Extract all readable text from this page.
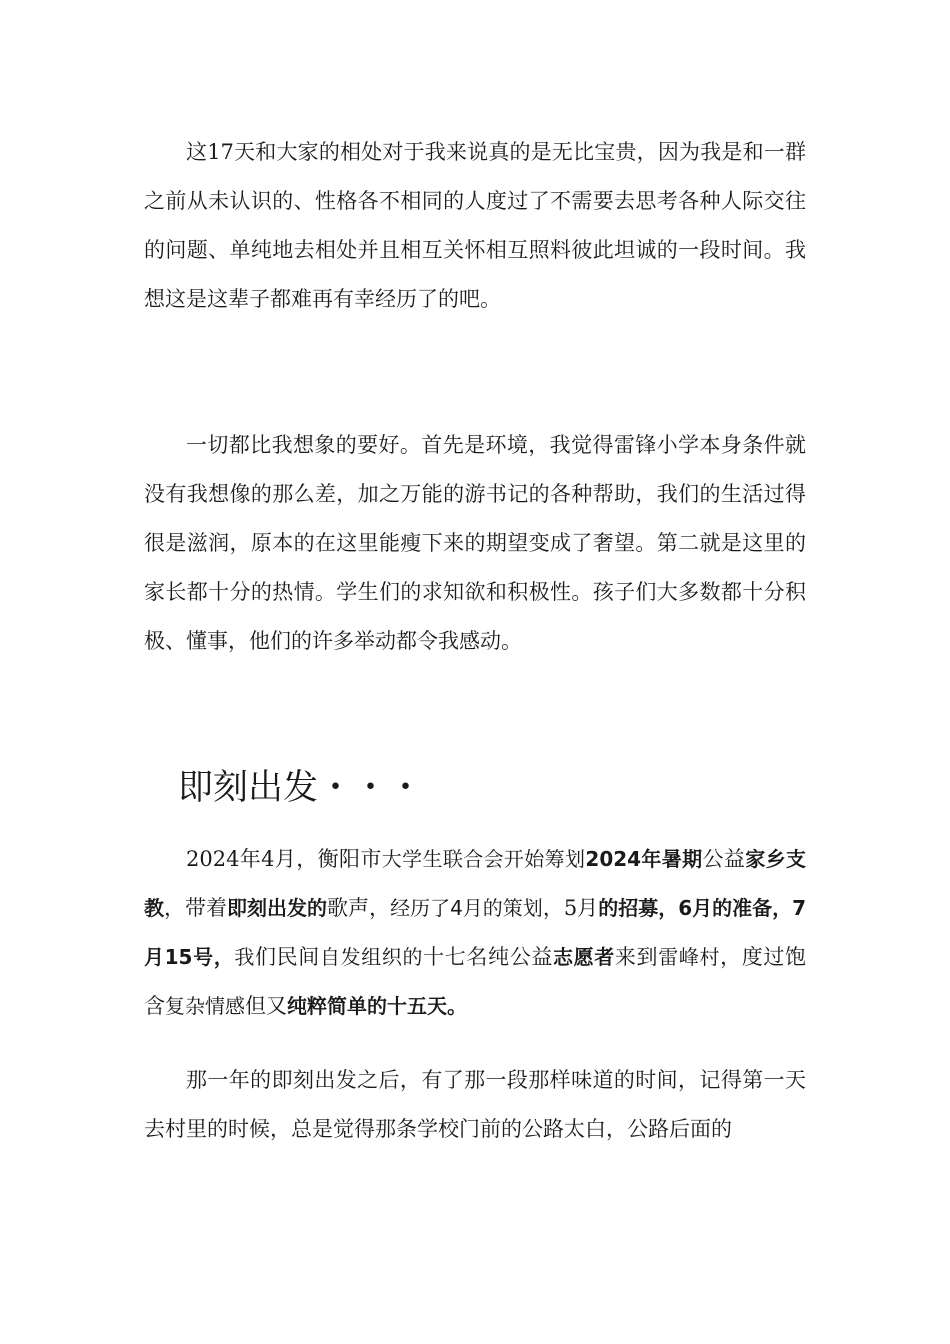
这17天和大家的相处对于我来说真的是无比宝贵，因为我是和一群之前从未认识的、性格各不相同的人度过了不需要去思考各种人际交往的问题、单纯地去相处并且相互关怀相互照料彼此坦诚的一段时间。我想这是这辈子都难再有幸经历了的吧。

一切都比我想象的要好。首先是环境，我觉得雷锋小学本身条件就没有我想像的那么差，加之万能的游书记的各种帮助，我们的生活过得很是滋润，原本的在这里能瘦下来的期望变成了奢望。第二就是这里的家长都十分的热情。学生们的求知欲和积极性。孩子们大多数都十分积极、懂事，他们的许多举动都令我感动。

即刻出发・・・

2024年4月，衡阳市大学生联合会开始筹划2024年暑期公益家乡支教，带着即刻出发的歌声，经历了4月的策划，5月的招募，6月的准备，7月15号，我们民间自发组织的十七名纯公益志愿者来到雷峰村，度过饱含复杂情感但又纯粹简单的十五天。

那一年的即刻出发之后，有了那一段那样味道的时间，记得第一天去村里的时候，总是觉得那条学校门前的公路太白，公路后面的
